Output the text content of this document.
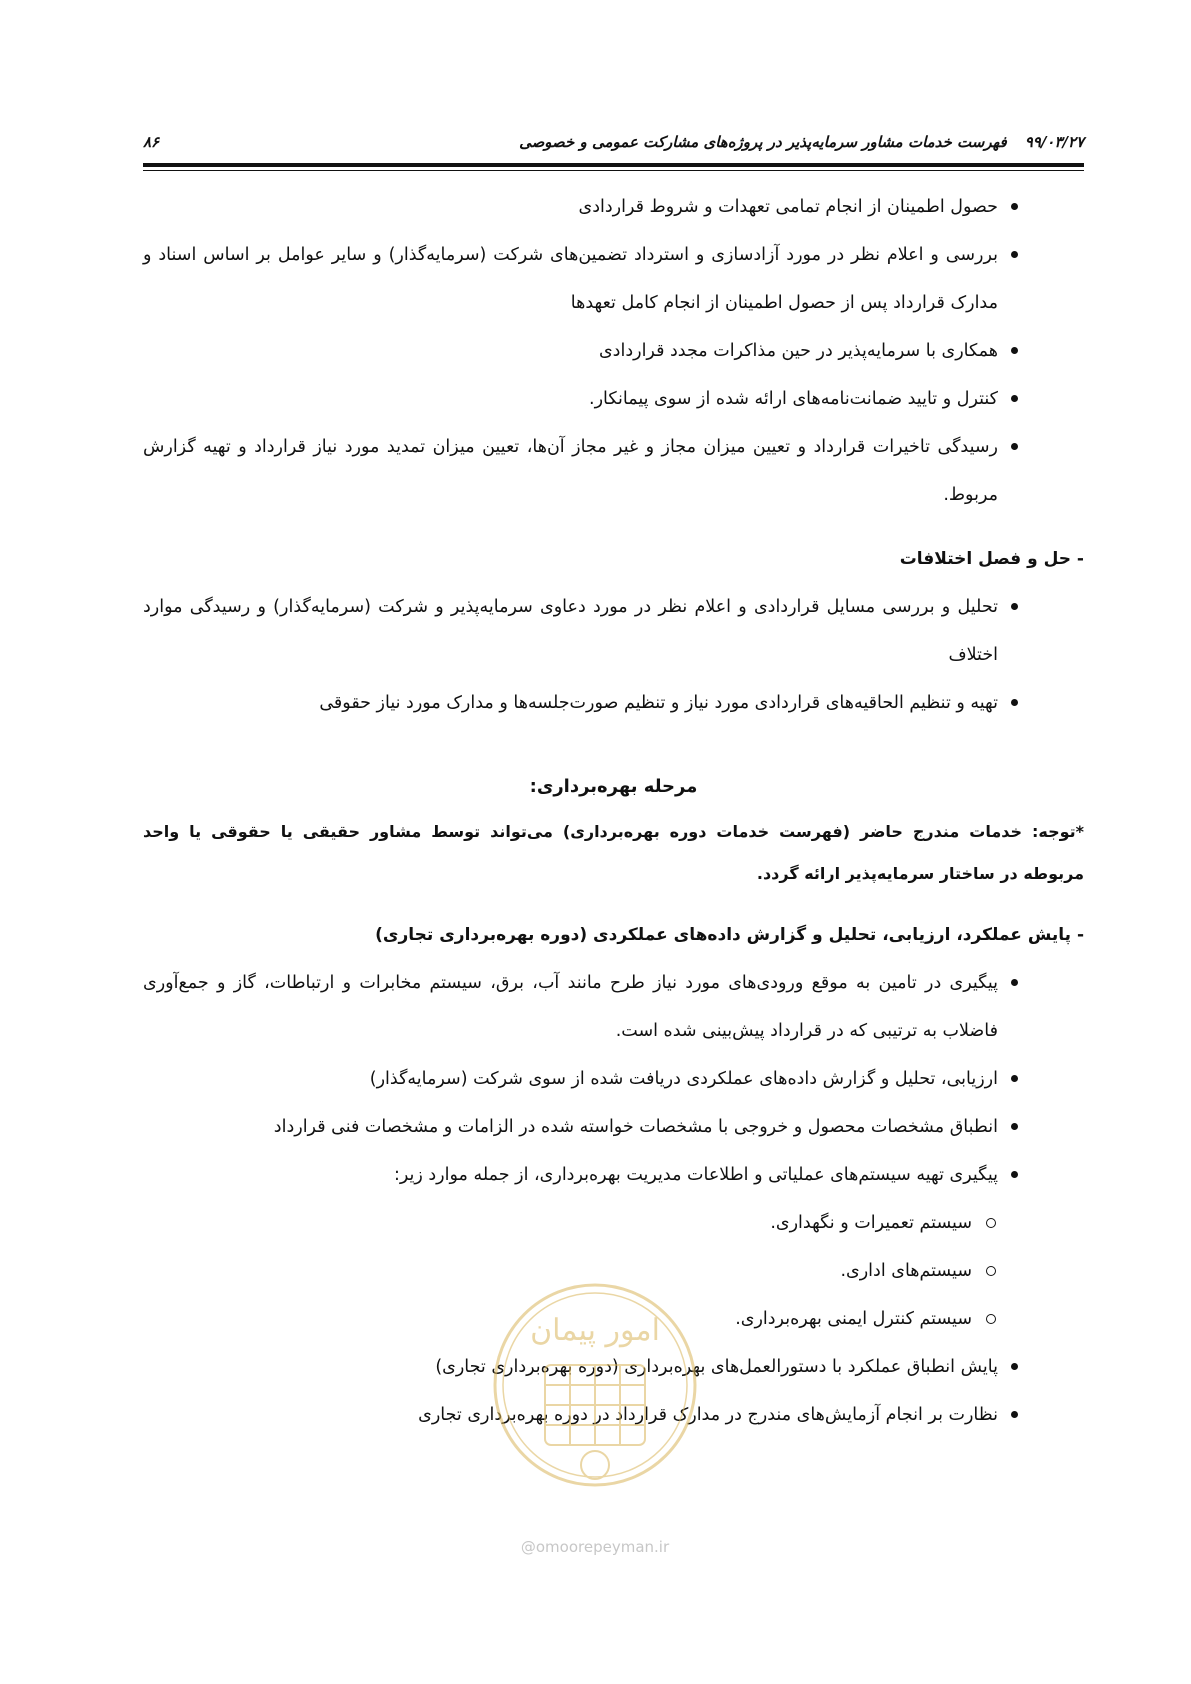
۹۹/۰۳/۲۷
فهرست خدمات مشاور سرمایه‌پذیر در پروژه‌های مشارکت عمومی و خصوصی
۸۶
حصول اطمینان از انجام تمامی تعهدات و شروط قراردادی
بررسی و اعلام نظر در مورد آزادسازی و استرداد تضمین‌های شرکت (سرمایه‌گذار) و سایر عوامل بر اساس اسناد و مدارک قرارداد پس از حصول اطمینان از انجام کامل تعهدها
همکاری با سرمایه‌پذیر در حین مذاکرات مجدد قراردادی
کنترل و تایید ضمانت‌نامه‌های ارائه شده از سوی پیمانکار.
رسیدگی تاخیرات قرارداد و تعیین میزان مجاز و غیر مجاز آن‌ها، تعیین میزان تمدید مورد نیاز قرارداد و تهیه گزارش مربوط.
- حل و فصل اختلافات
تحلیل و بررسی مسایل قراردادی و اعلام نظر در مورد دعاوی سرمایه‌پذیر و شرکت (سرمایه‌گذار) و رسیدگی موارد اختلاف
تهیه و تنظیم الحاقیه‌های قراردادی مورد نیاز و تنظیم صورت‌جلسه‌ها و مدارک مورد نیاز حقوقی
مرحله بهره‌برداری:
*توجه: خدمات مندرج حاضر (فهرست خدمات دوره بهره‌برداری) می‌تواند توسط مشاور حقیقی یا حقوقی یا واحد مربوطه در ساختار سرمایه‌پذیر ارائه گردد.
- پایش عملکرد، ارزیابی، تحلیل و گزارش داده‌های عملکردی (دوره بهره‌برداری تجاری)
پیگیری در تامین به موقع ورودی‌های مورد نیاز طرح مانند آب، برق، سیستم مخابرات و ارتباطات، گاز و جمع‌آوری فاضلاب به ترتیبی که در قرارداد پیش‌بینی شده است.
ارزیابی، تحلیل و گزارش داده‌های عملکردی دریافت شده از سوی شرکت (سرمایه‌گذار)
انطباق مشخصات محصول و خروجی با مشخصات خواسته شده در الزامات و مشخصات فنی قرارداد
پیگیری تهیه سیستم‌های عملیاتی و اطلاعات مدیریت بهره‌برداری، از جمله موارد زیر:
سیستم تعمیرات و نگهداری.
سیستم‌های اداری.
سیستم کنترل ایمنی بهره‌برداری.
پایش انطباق عملکرد با دستورالعمل‌های بهره‌برداری (دوره بهره‌برداری تجاری)
نظارت بر انجام آزمایش‌های مندرج در مدارک قرارداد در دوره بهره‌برداری تجاری
امور پیمان
@omoorepeyman.ir
